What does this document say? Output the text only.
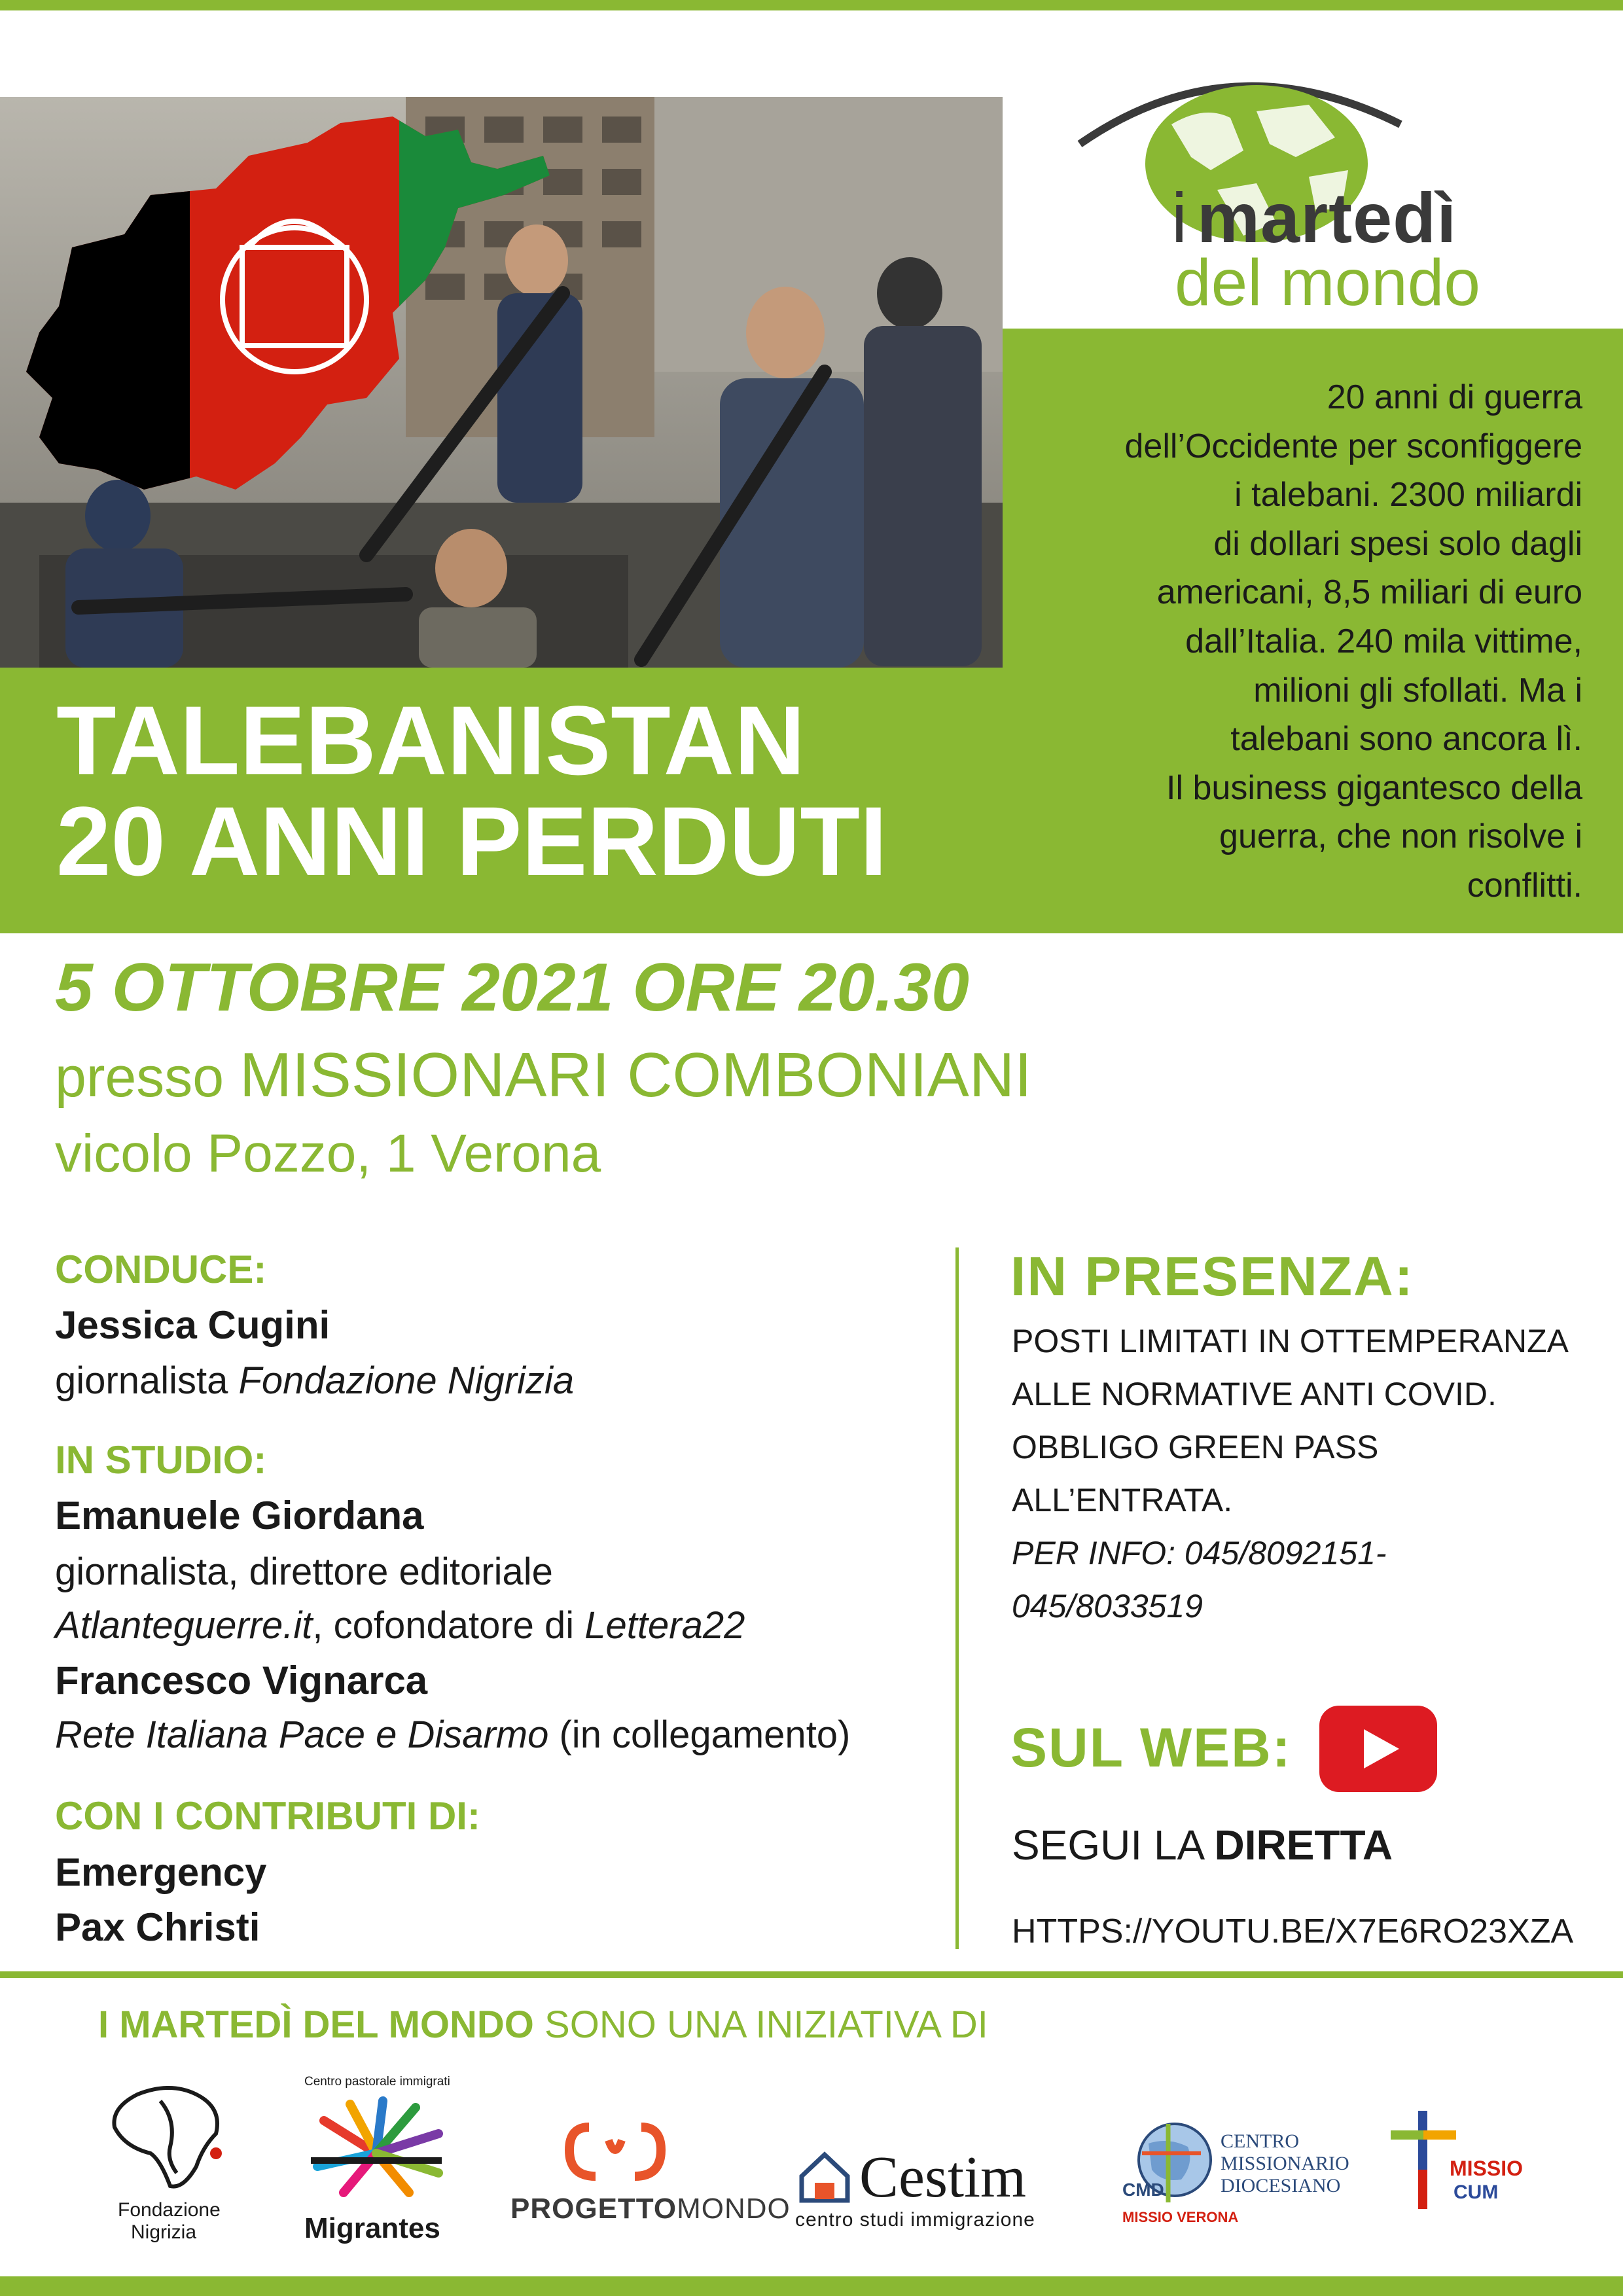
i martedì
del mondo
20 anni di guerra
dell’Occidente per sconfiggere
i talebani. 2300 miliardi
di dollari spesi solo dagli
americani, 8,5 miliari di euro
dall’Italia. 240 mila vittime,
milioni gli sfollati. Ma i
talebani sono ancora lì.
Il business gigantesco della
guerra, che non risolve i
conflitti.
TALEBANISTAN
20 ANNI PERDUTI
5 OTTOBRE 2021 ORE 20.30
presso MISSIONARI COMBONIANI
vicolo Pozzo, 1 Verona
CONDUCE:
Jessica Cugini
giornalista Fondazione Nigrizia
IN STUDIO:
Emanuele Giordana
giornalista, direttore editoriale
Atlanteguerre.it, cofondatore di Lettera22
Francesco Vignarca
Rete Italiana Pace e Disarmo (in collegamento)
CON I CONTRIBUTI DI:
Emergency
Pax Christi
IN PRESENZA:
POSTI LIMITATI IN OTTEMPERANZA
ALLE NORMATIVE ANTI COVID.
OBBLIGO GREEN PASS
ALL’ENTRATA.
PER INFO: 045/8092151-
045/8033519
SUL WEB:
SEGUI LA DIRETTA
HTTPS://YOUTU.BE/X7E6RO23XZA
I MARTEDÌ DEL MONDO SONO UNA INIZIATIVA DI
Fondazione
Nigrizia
Centro pastorale immigrati
Migrantes
PROGETTOMONDO Cestim
centro studi immigrazione
CMD
CENTRO
MISSIONARIO
DIOCESIANO
MISSIO VERONA
MISSIO
CUM
